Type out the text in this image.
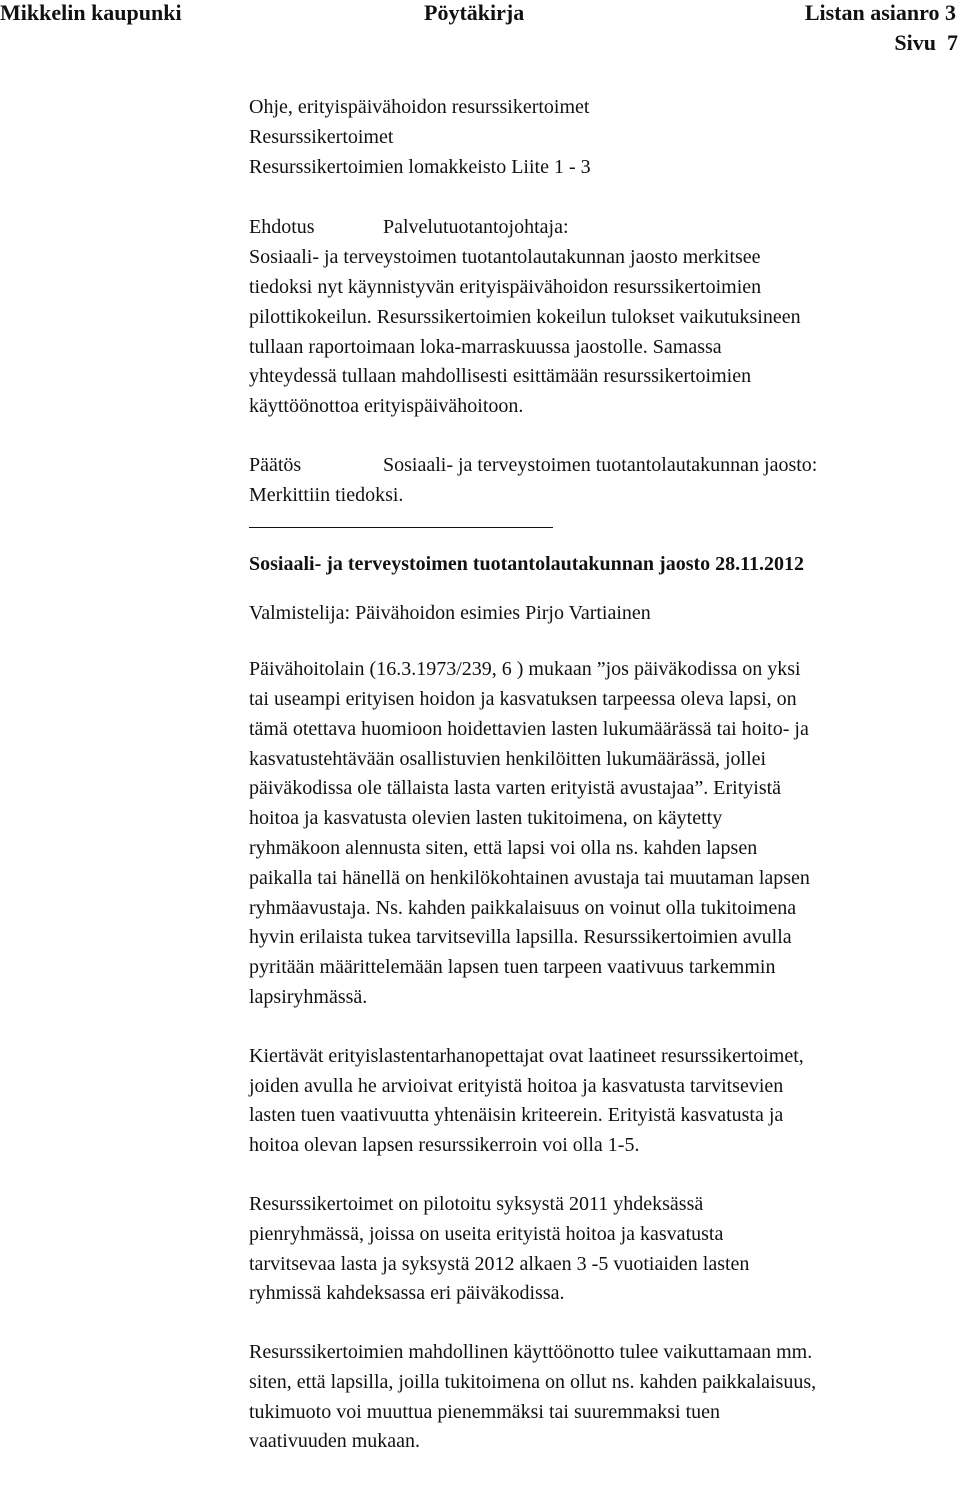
Mikkelin kaupunki	Pöytäkirja	Listan asianro 3
Sivu  7
Ohje, erityispäivähoidon resurssikertoimet
Resurssikertoimet
Resurssikertoimien lomakkeisto Liite 1 - 3
Ehdotus	Palvelutuotantojohtaja:
Sosiaali- ja terveystoimen tuotantolautakunnan jaosto merkitsee
tiedoksi nyt käynnistyvän erityispäivähoidon resurssikertoimien
pilottikokeilun. Resurssikertoimien kokeilun tulokset vaikutuksineen
tullaan raportoimaan loka-marraskuussa jaostolle. Samassa
yhteydessä tullaan mahdollisesti esittämään resurssikertoimien
käyttöönottoa erityispäivähoitoon.
Päätös	Sosiaali- ja terveystoimen tuotantolautakunnan jaosto:
Merkittiin tiedoksi.
Sosiaali- ja terveystoimen tuotantolautakunnan jaosto 28.11.2012
Valmistelija: Päivähoidon esimies Pirjo Vartiainen
Päivähoitolain (16.3.1973/239, 6 ) mukaan ”jos päiväkodissa on yksi
tai useampi erityisen hoidon ja kasvatuksen tarpeessa oleva lapsi, on
tämä otettava huomioon hoidettavien lasten lukumäärässä tai hoito- ja
kasvatustehtävään osallistuvien henkilöitten lukumäärässä, jollei
päiväkodissa ole tällaista lasta varten erityistä avustajaa”. Erityistä
hoitoa ja kasvatusta olevien lasten tukitoimena, on käytetty
ryhmäkoon alennusta siten, että lapsi voi olla ns. kahden lapsen
paikalla tai hänellä on henkilökohtainen avustaja tai muutaman lapsen
ryhmäavustaja. Ns. kahden paikkalaisuus on voinut olla tukitoimena
hyvin erilaista tukea tarvitsevilla lapsilla. Resurssikertoimien avulla
pyritään määrittelemään lapsen tuen tarpeen vaativuus tarkemmin
lapsiryhmässä.
Kiertävät erityislastentarhanopettajat ovat laatineet resurssikertoimet,
joiden avulla he arvioivat erityistä hoitoa ja kasvatusta tarvitsevien
lasten tuen vaativuutta yhtenäisin kriteerein. Erityistä kasvatusta ja
hoitoa olevan lapsen resurssikerroin voi olla 1-5.
Resurssikertoimet on pilotoitu syksystä 2011 yhdeksässä
pienryhmässä, joissa on useita erityistä hoitoa ja kasvatusta
tarvitsevaa lasta ja syksystä 2012 alkaen 3 -5 vuotiaiden lasten
ryhmissä kahdeksassa eri päiväkodissa.
Resurssikertoimien mahdollinen käyttöönotto tulee vaikuttamaan mm.
siten, että lapsilla, joilla tukitoimena on ollut ns. kahden paikkalaisuus,
tukimuoto voi muuttua pienemmäksi tai suuremmaksi tuen
vaativuuden mukaan.
